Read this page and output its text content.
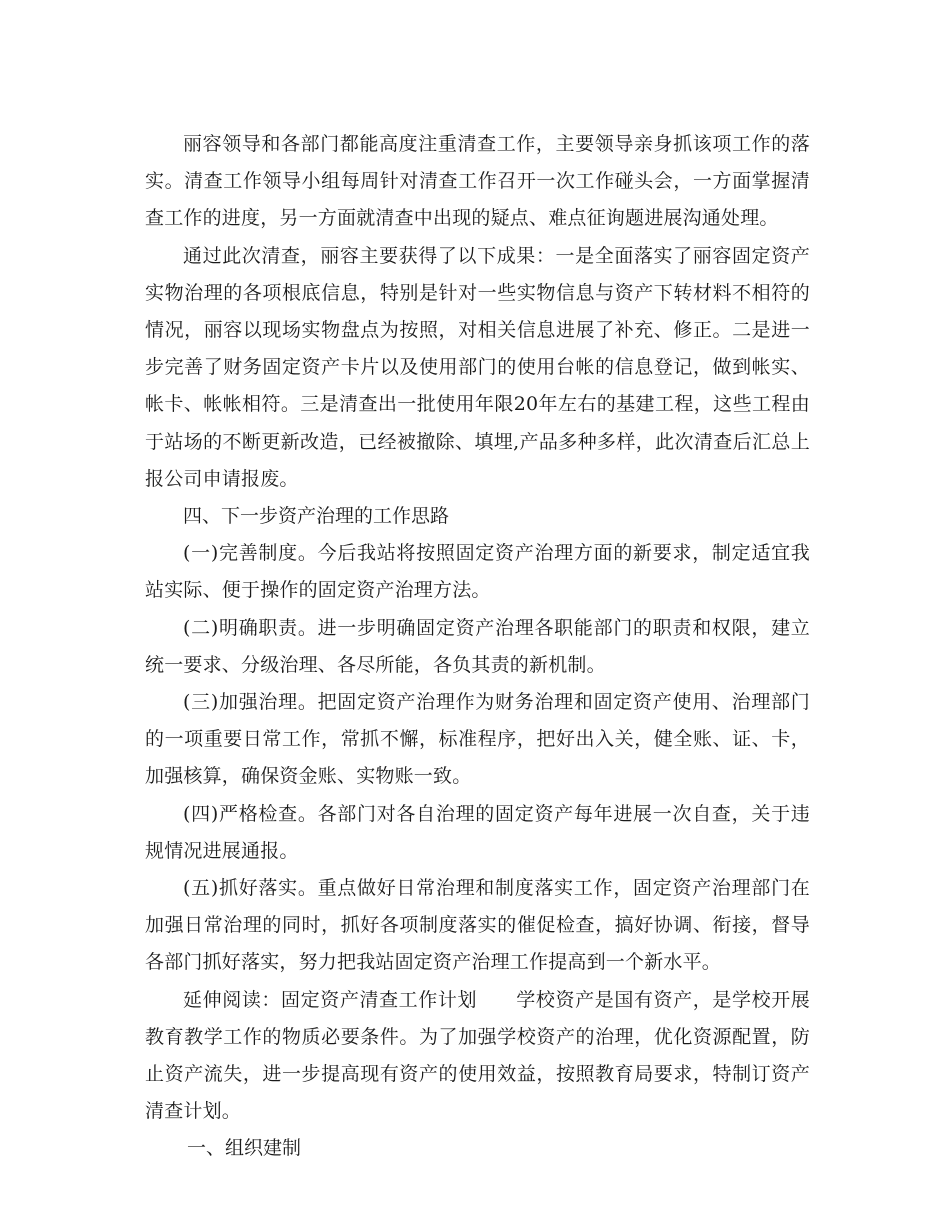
丽容领导和各部门都能高度注重清查工作，主要领导亲身抓该项工作的落实。清查工作领导小组每周针对清查工作召开一次工作碰头会，一方面掌握清查工作的进度，另一方面就清查中出现的疑点、难点征询题进展沟通处理。

通过此次清查，丽容主要获得了以下成果：一是全面落实了丽容固定资产实物治理的各项根底信息，特别是针对一些实物信息与资产下转材料不相符的情况，丽容以现场实物盘点为按照，对相关信息进展了补充、修正。二是进一步完善了财务固定资产卡片以及使用部门的使用台帐的信息登记，做到帐实、帐卡、帐帐相符。三是清查出一批使用年限20年左右的基建工程，这些工程由于站场的不断更新改造，已经被撤除、填埋,产品多种多样，此次清查后汇总上报公司申请报废。

四、下一步资产治理的工作思路

(一)完善制度。今后我站将按照固定资产治理方面的新要求，制定适宜我站实际、便于操作的固定资产治理方法。

(二)明确职责。进一步明确固定资产治理各职能部门的职责和权限，建立统一要求、分级治理、各尽所能，各负其责的新机制。

(三)加强治理。把固定资产治理作为财务治理和固定资产使用、治理部门的一项重要日常工作，常抓不懈，标准程序，把好出入关，健全账、证、卡，加强核算，确保资金账、实物账一致。

(四)严格检查。各部门对各自治理的固定资产每年进展一次自查，关于违规情况进展通报。

(五)抓好落实。重点做好日常治理和制度落实工作，固定资产治理部门在加强日常治理的同时，抓好各项制度落实的催促检查，搞好协调、衔接，督导各部门抓好落实，努力把我站固定资产治理工作提高到一个新水平。

延伸阅读：固定资产清查工作计划　　学校资产是国有资产，是学校开展教育教学工作的物质必要条件。为了加强学校资产的治理，优化资源配置，防止资产流失，进一步提高现有资产的使用效益，按照教育局要求，特制订资产清查计划。

一、组织建制
